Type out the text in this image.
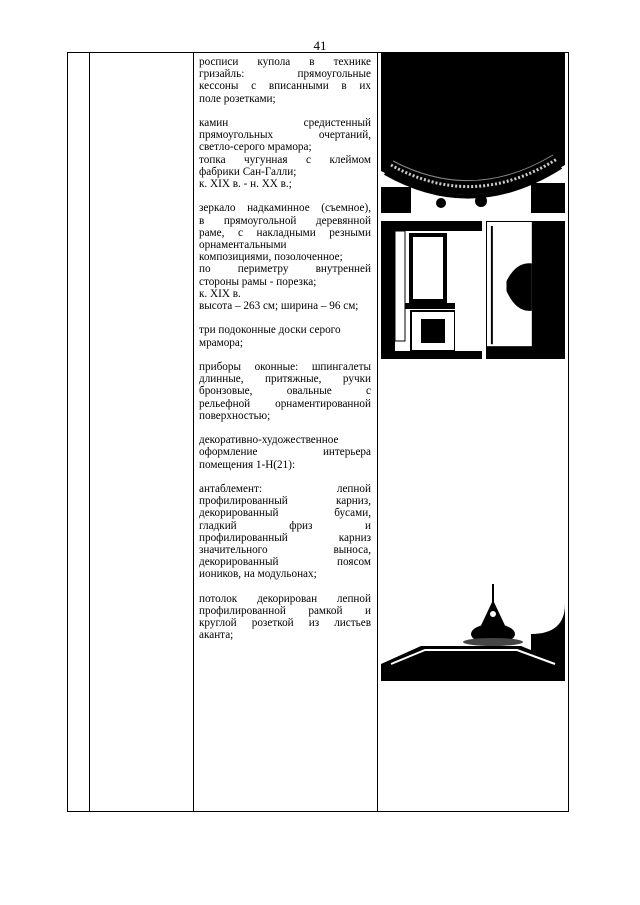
41

росписи купола в технике

гризайль: прямоугольные

кессоны с вписанными в их

поле розетками;

камин средистенный

прямоугольных очертаний,

светло-серого мрамора;

топка чугунная с клеймом

фабрики Сан-Галли;

к. XIX в. - н. XX в.;

зеркало надкаминное (съемное),

в прямоугольной деревянной

раме, с накладными резными

орнаментальными

композициями, позолоченное;

по периметру внутренней

стороны рамы - порезка;

к. XIX в.

высота – 263 см; ширина – 96 см;

три подоконные доски серого

мрамора;

приборы оконные: шпингалеты

длинные, притяжные, ручки

бронзовые, овальные с

рельефной орнаментированной

поверхностью;

декоративно-художественное

оформление интерьера

помещения 1-Н(21):

антаблемент: лепной

профилированный карниз,

декорированный бусами,

гладкий фриз и

профилированный карниз

значительного выноса,

декорированный поясом

иоников, на модульонах;

потолок декорирован лепной

профилированной рамкой и

круглой розеткой из листьев

аканта;
